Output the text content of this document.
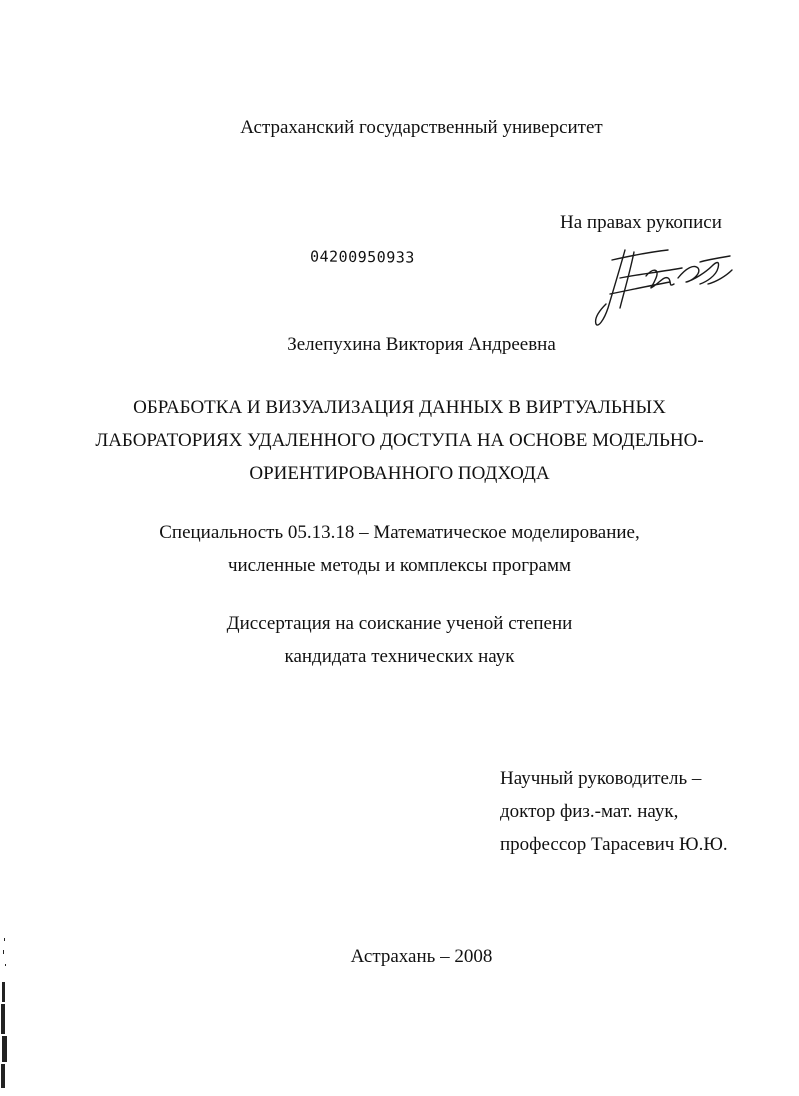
Астраханский государственный университет
На правах рукописи
04200950933
Зелепухина Виктория Андреевна
ОБРАБОТКА И ВИЗУАЛИЗАЦИЯ ДАННЫХ В ВИРТУАЛЬНЫХ
ЛАБОРАТОРИЯХ УДАЛЕННОГО ДОСТУПА НА ОСНОВЕ МОДЕЛЬНО-
ОРИЕНТИРОВАННОГО ПОДХОДА
Специальность 05.13.18 – Математическое моделирование,
численные методы и комплексы программ
Диссертация на соискание ученой степени
кандидата технических наук
Научный руководитель –
доктор физ.-мат. наук,
профессор Тарасевич Ю.Ю.
Астрахань – 2008
